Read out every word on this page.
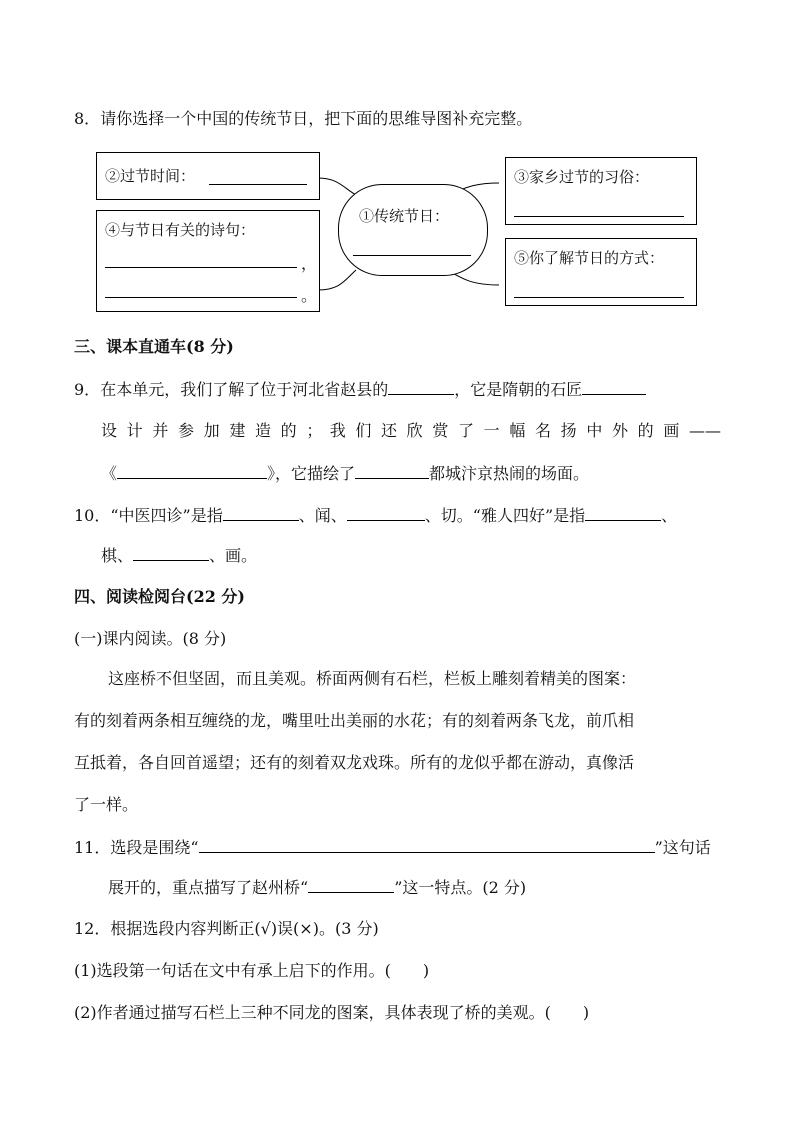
8．请你选择一个中国的传统节日，把下面的思维导图补充完整。
②过节时间：
④与节日有关的诗句：
，
。
①传统节日：
③家乡过节的习俗：
⑤你了解节日的方式：
三、课本直通车(8 分)
9．在本单元，我们了解了位于河北省赵县的	，它是隋朝的石匠
设 计 并 参 加 建 造 的 ； 我 们 还 欣 赏 了 一 幅 名 扬 中 外 的 画 ——
《	》，它描绘了	都城汴京热闹的场面。
10．“中医四诊”是指	、闻、	、切。“雅人四好”是指	、
棋、	、画。
四、阅读检阅台(22 分)
(一)课内阅读。(8 分)
这座桥不但坚固，而且美观。桥面两侧有石栏，栏板上雕刻着精美的图案：
有的刻着两条相互缠绕的龙，嘴里吐出美丽的水花；有的刻着两条飞龙，前爪相
互抵着，各自回首遥望；还有的刻着双龙戏珠。所有的龙似乎都在游动，真像活
了一样。
11．选段是围绕“	”这句话
展开的，重点描写了赵州桥“	”这一特点。(2 分)
12．根据选段内容判断正(√)误(×)。(3 分)
(1)选段第一句话在文中有承上启下的作用。(　　)
(2)作者通过描写石栏上三种不同龙的图案，具体表现了桥的美观。(　　)
